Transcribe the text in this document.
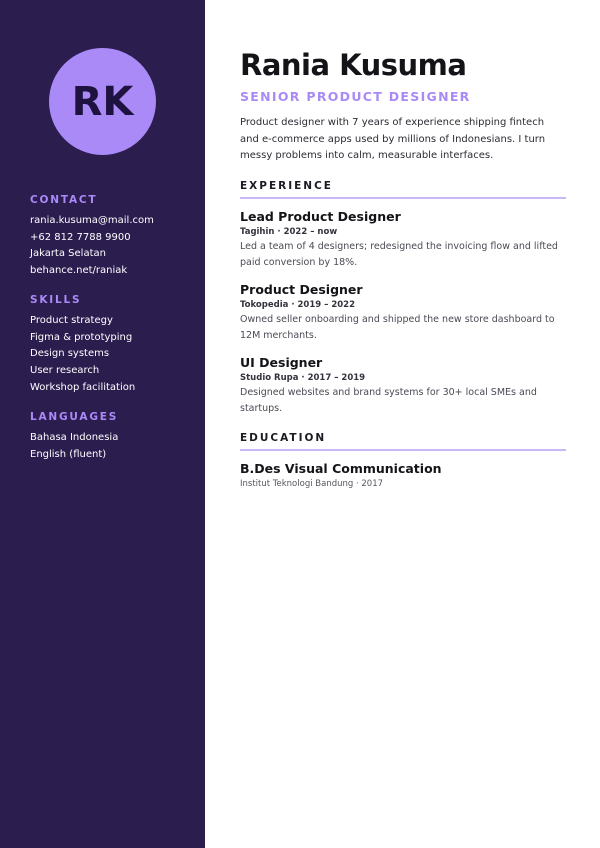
RK
CONTACT
rania.kusuma@mail.com
+62 812 7788 9900
Jakarta Selatan
behance.net/raniak
SKILLS
Product strategy
Figma & prototyping
Design systems
User research
Workshop facilitation
LANGUAGES
Bahasa Indonesia
English (fluent)
Rania Kusuma
SENIOR PRODUCT DESIGNER

Product designer with 7 years of experience shipping fintech and e-commerce apps used by millions of Indonesians. I turn messy problems into calm, measurable interfaces.

EXPERIENCE
Lead Product Designer
Tagihin · 2022 – now
Led a team of 4 designers; redesigned the invoicing flow and lifted paid conversion by 18%.
Product Designer
Tokopedia · 2019 – 2022
Owned seller onboarding and shipped the new store dashboard to 12M merchants.
UI Designer
Studio Rupa · 2017 – 2019
Designed websites and brand systems for 30+ local SMEs and startups.
EDUCATION
B.Des Visual Communication
Institut Teknologi Bandung · 2017
